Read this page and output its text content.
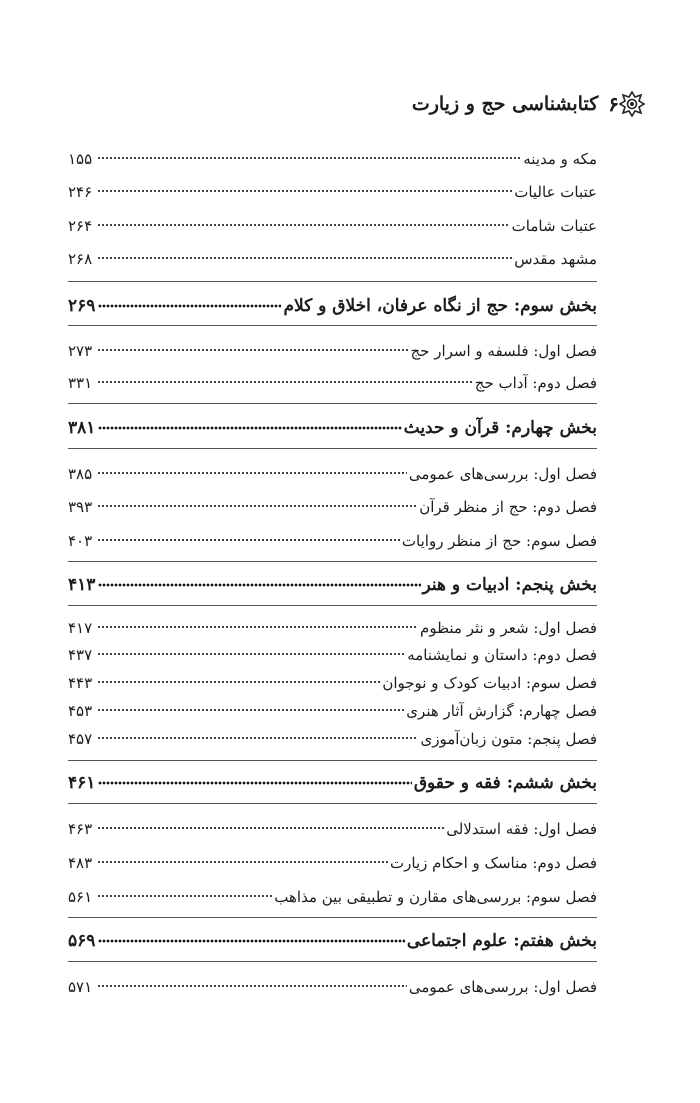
۶
کتابشناسی حج و زیارت
مکه و مدینه
۱۵۵
عتبات عالیات
۲۴۶
عتبات شامات
۲۶۴
مشهد مقدس
۲۶۸
بخش سوم: حج از نگاه عرفان، اخلاق و کلام
۲۶۹
فصل اول: فلسفه و اسرار حج
۲۷۳
فصل دوم: آداب حج
۳۳۱
بخش چهارم: قرآن و حدیث
۳۸۱
فصل اول: بررسی‌های عمومی
۳۸۵
فصل دوم: حج از منظر قرآن
۳۹۳
فصل سوم: حج از منظر روایات
۴۰۳
بخش پنجم: ادبیات و هنر
۴۱۳
فصل اول: شعر و نثر منظوم
۴۱۷
فصل دوم: داستان و نمایشنامه
۴۳۷
فصل سوم: ادبیات کودک و نوجوان
۴۴۳
فصل چهارم: گزارش آثار هنری
۴۵۳
فصل پنجم: متون زبان‌آموزی
۴۵۷
بخش ششم: فقه و حقوق
۴۶۱
فصل اول: فقه استدلالی
۴۶۳
فصل دوم: مناسک و احکام زیارت
۴۸۳
فصل سوم: بررسی‌های مقارن و تطبیقی بین مذاهب
۵۶۱
بخش هفتم: علوم اجتماعی
۵۶۹
فصل اول: بررسی‌های عمومی
۵۷۱
